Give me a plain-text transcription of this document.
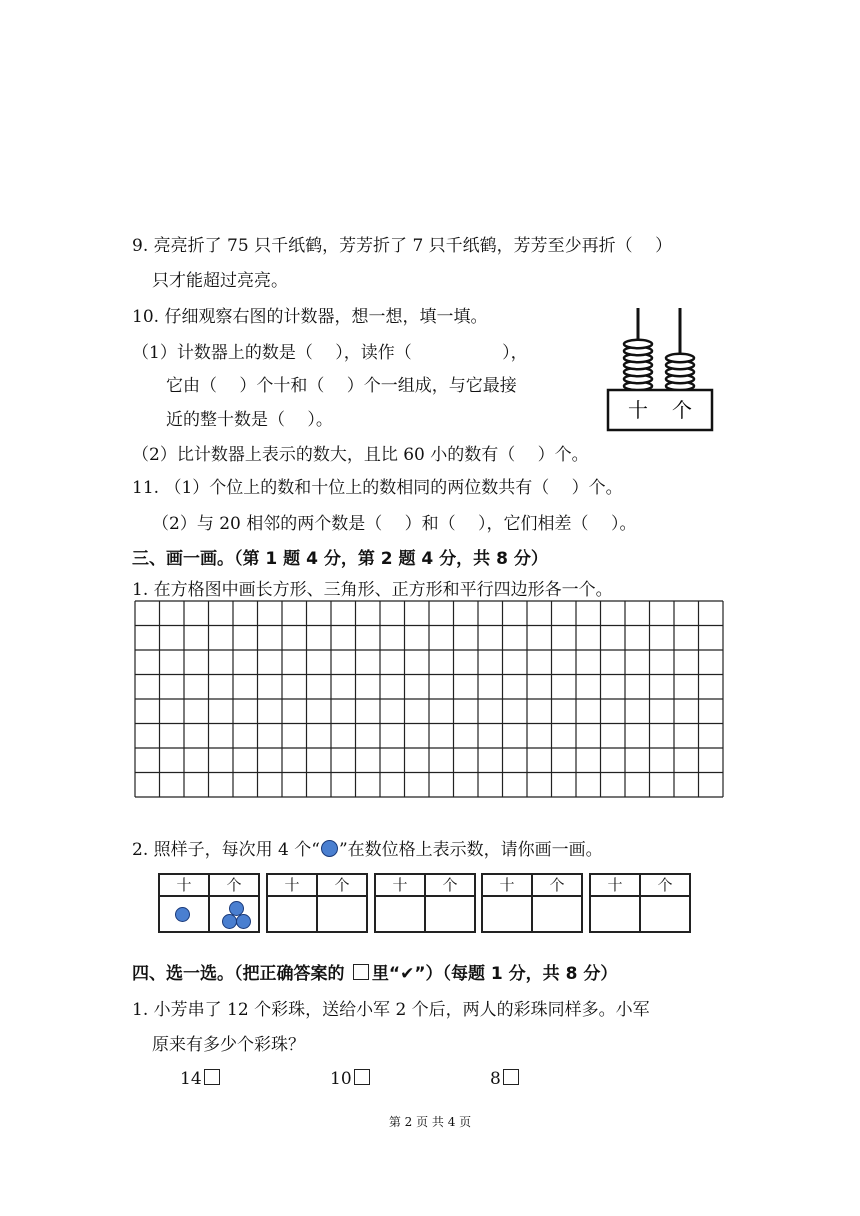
9. 亮亮折了 75 只千纸鹤，芳芳折了 7 只千纸鹤，芳芳至少再折（　 ）
只才能超过亮亮。
10. 仔细观察右图的计数器，想一想，填一填。
（1）计数器上的数是（　 ），读作（　　　　　 ），
它由（　 ）个十和（　 ）个一组成，与它最接
近的整十数是（　 ）。
（2）比计数器上表示的数大，且比 60 小的数有（　 ）个。
十 个
11. （1）个位上的数和十位上的数相同的两位数共有（　 ）个。
（2）与 20 相邻的两个数是（　 ）和（　 ），它们相差（　 ）。
三、画一画。（第 1 题 4 分，第 2 题 4 分，共 8 分）
1. 在方格图中画长方形、三角形、正方形和平行四边形各一个。
2. 照样子，每次用 4 个“ ”在数位格上表示数，请你画一画。
十	个

		十	个
		十	个
		十	个
		十	个

四、选一选。（把正确答案的 里“✔”）（每题 1 分，共 8 分）
1. 小芳串了 12 个彩珠，送给小军 2 个后，两人的彩珠同样多。小军
原来有多少个彩珠？
14	10	8
第 2 页 共 4 页
